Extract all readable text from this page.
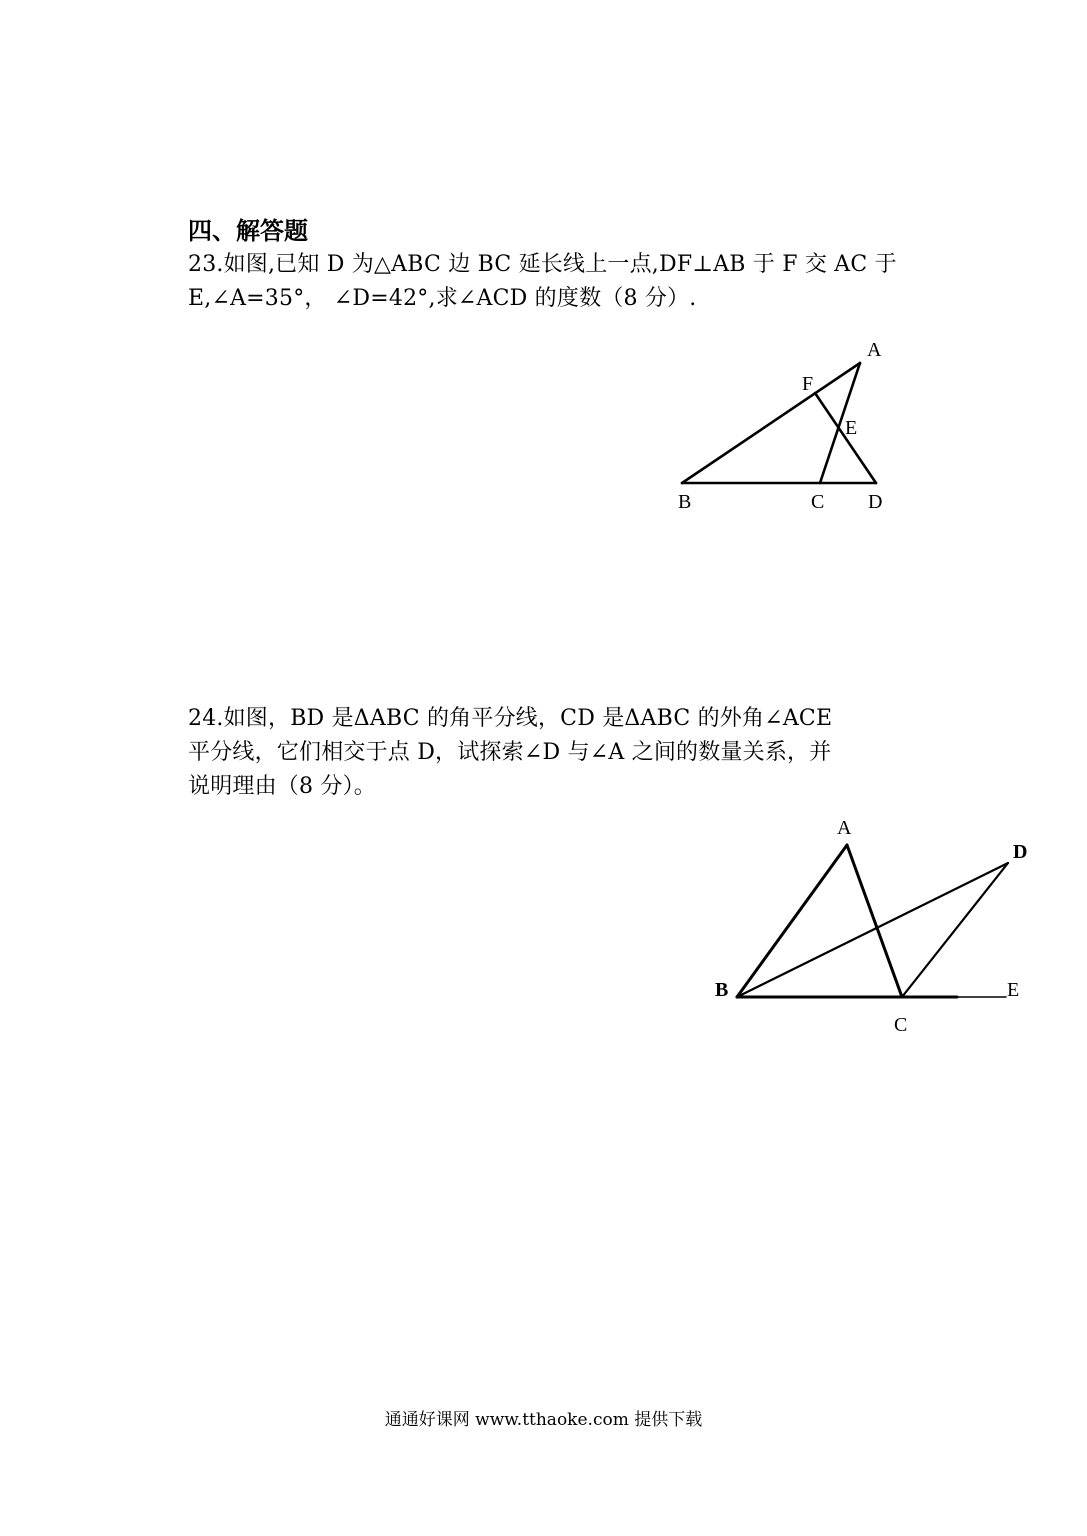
四、解答题
23.如图,已知 D 为△ABC 边 BC 延长线上一点,DF⊥AB 于 F 交 AC 于
E,∠A=35°， ∠D=42°,求∠ACD 的度数（8 分）.
A
F
E
B	C D
24.如图，BD 是ΔABC 的角平分线，CD 是ΔABC 的外角∠ACE
平分线，它们相交于点 D，试探索∠D 与∠A 之间的数量关系，并
说明理由（8 分）。
A
D
B	E
C
通通好课网 www.tthaoke.com 提供下载
